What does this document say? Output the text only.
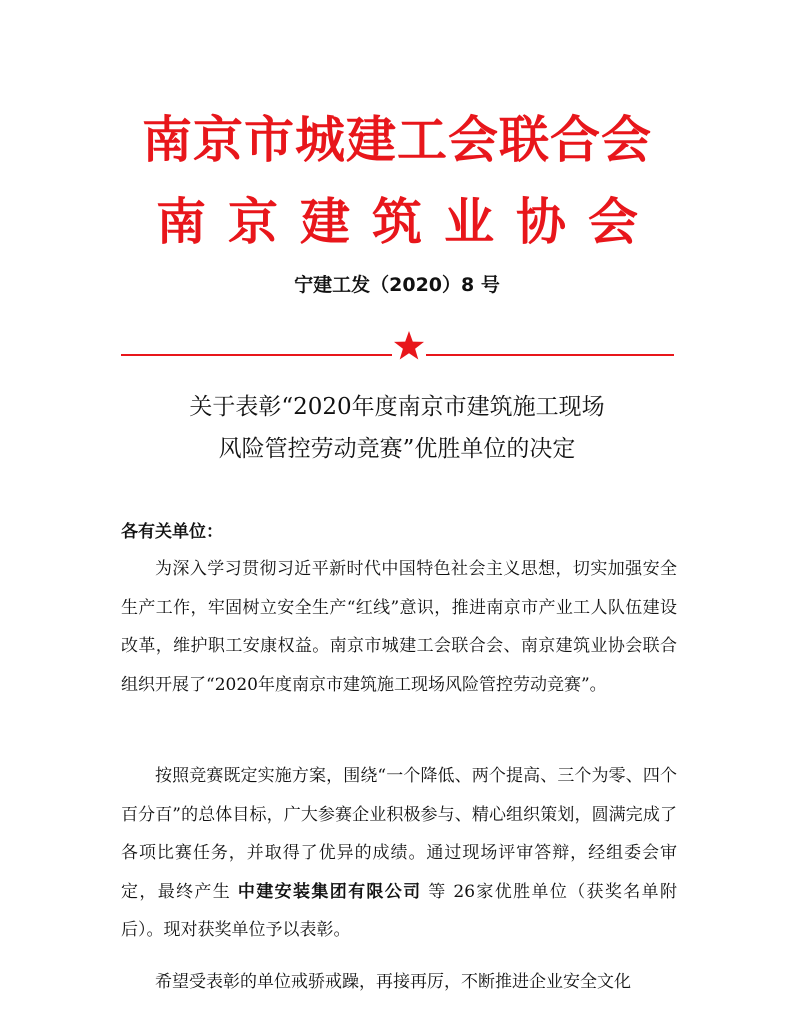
南京市城建工会联合会
南京建筑业协会
宁建工发（2020）8 号
关于表彰“2020年度南京市建筑施工现场
风险管控劳动竞赛”优胜单位的决定
各有关单位：
为深入学习贯彻习近平新时代中国特色社会主义思想，切实加强安全生产工作，牢固树立安全生产“红线”意识，推进南京市产业工人队伍建设改革，维护职工安康权益。南京市城建工会联合会、南京建筑业协会联合组织开展了“2020年度南京市建筑施工现场风险管控劳动竞赛”。
按照竞赛既定实施方案，围绕“一个降低、两个提高、三个为零、四个百分百”的总体目标，广大参赛企业积极参与、精心组织策划，圆满完成了各项比赛任务，并取得了优异的成绩。通过现场评审答辩，经组委会审定，最终产生 中建安装集团有限公司 等 26家优胜单位（获奖名单附后）。现对获奖单位予以表彰。
希望受表彰的单位戒骄戒躁，再接再厉，不断推进企业安全文化
